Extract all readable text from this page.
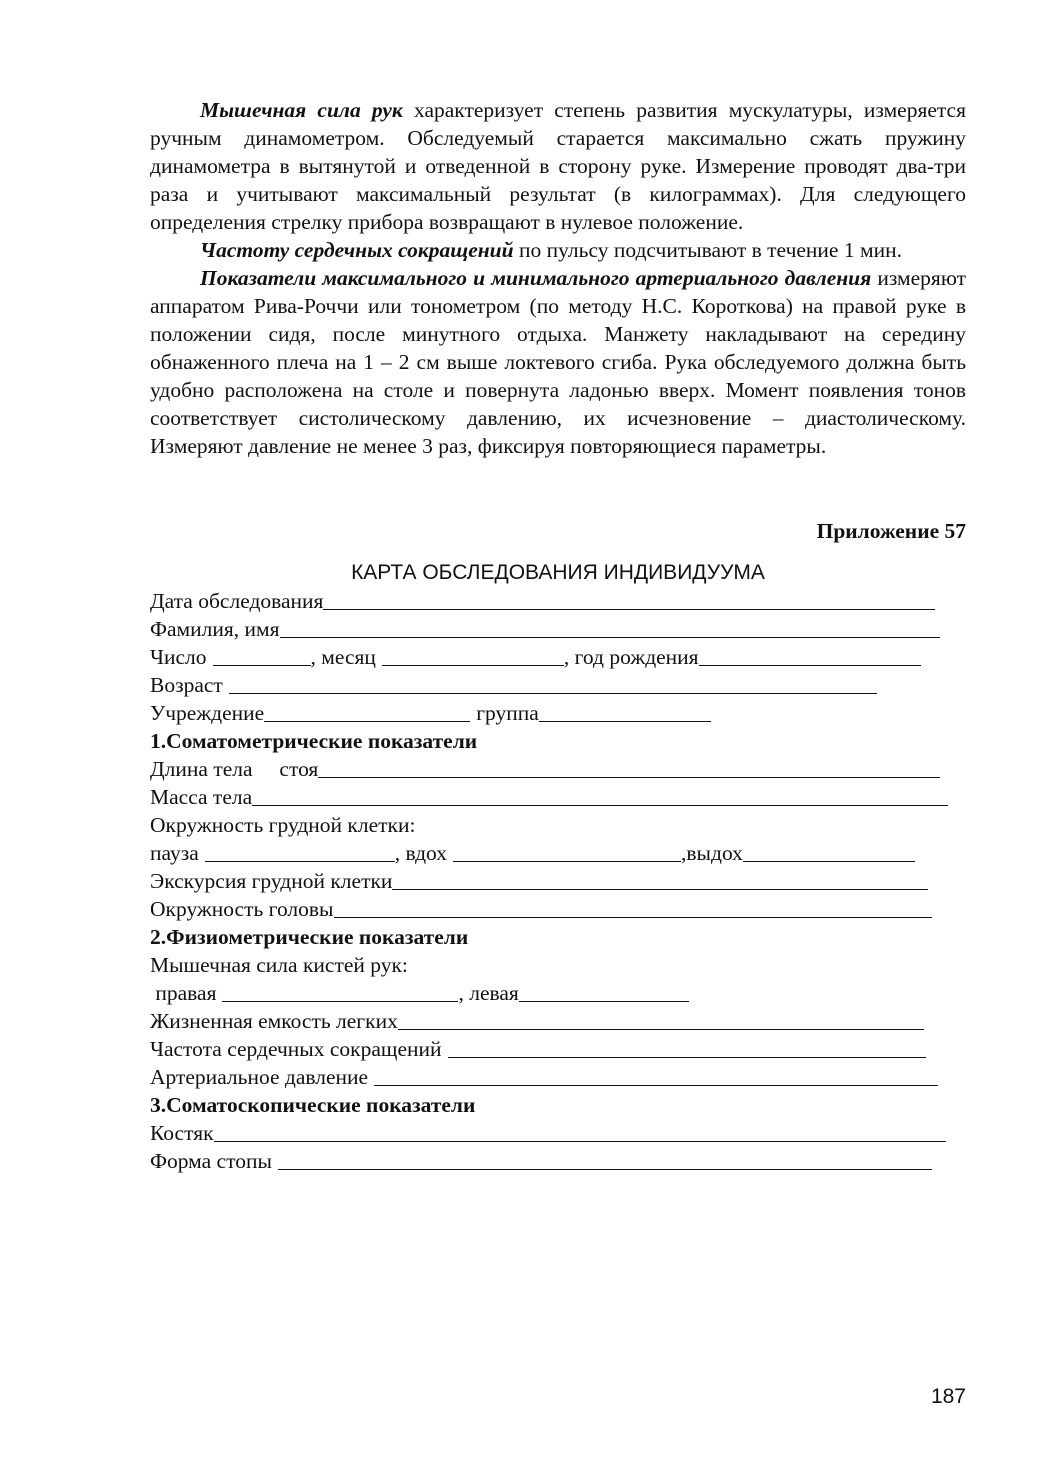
Мышечная сила рук характеризует степень развития мускулатуры, измеряется ручным динамометром. Обследуемый старается максимально сжать пружину динамометра в вытянутой и отведенной в сторону руке. Измерение проводят два-три раза и учитывают максимальный результат (в килограммах). Для следующего определения стрелку прибора возвращают в нулевое положение.

Частоту сердечных сокращений по пульсу подсчитывают в течение 1 мин.

Показатели максимального и минимального артериального давления измеряют аппаратом Рива-Роччи или тонометром (по методу Н.С. Короткова) на правой руке в положении сидя, после минутного отдыха. Манжету накладывают на середину обнаженного плеча на 1 – 2 см выше локтевого сгиба. Рука обследуемого должна быть удобно расположена на столе и повернута ладонью вверх. Момент появления тонов соответствует систолическому давлению, их исчезновение – диастолическому. Измеряют давление не менее 3 раз, фиксируя повторяющиеся параметры.

Приложение 57
КАРТА ОБСЛЕДОВАНИЯ ИНДИВИДУУМА
Дата обследования
Фамилия, имя
Число	, месяц	, год рождения
Возраст
Учреждение	группа
1.Соматометрические показатели
Длина тела     стоя
Масса тела
Окружность грудной клетки:
пауза	, вдох	,выдох
Экскурсия грудной клетки
Окружность головы
2.Физиометрические показатели
Мышечная сила кистей рук:
правая	, левая
Жизненная емкость легких
Частота сердечных сокращений
Артериальное давление
3.Соматоскопические показатели
Костяк
Форма стопы
187
